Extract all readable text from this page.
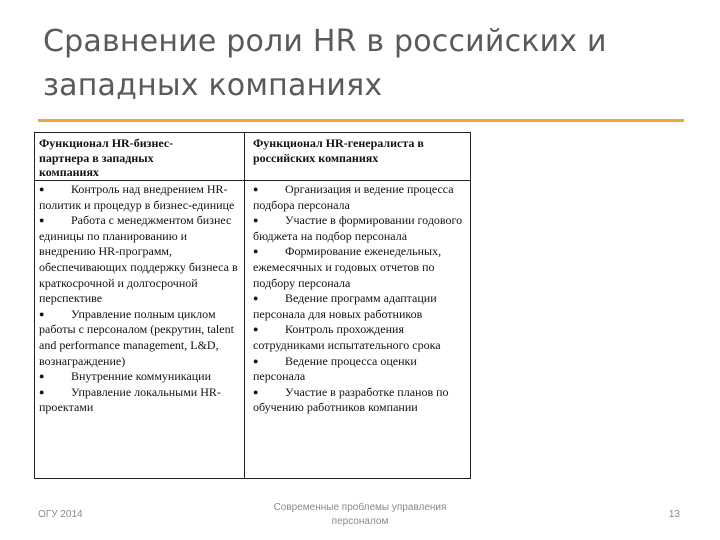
Сравнение роли HR в российских и
западных компаниях
Функционал HR-бизнес-
партнера в западных
компаниях
● Контроль над внедрением HR-политик и процедур в бизнес-единице
● Работа с менеджментом бизнес единицы по планированию и внедрению HR-программ, обеспечивающих поддержку бизнеса в краткосрочной и долгосрочной перспективе
● Управление полным циклом работы с персоналом (рекрутин, talent and performance management, L&D, вознаграждение)
● Внутренние коммуникации
● Управление локальными HR-проектами
Функционал HR-генералиста в
российских компаниях
● Организация и ведение процесса подбора персонала
● Участие в формировании годового бюджета на подбор персонала
● Формирование еженедельных, ежемесячных и годовых отчетов по подбору персонала
● Ведение программ адаптации персонала для новых работников
● Контроль прохождения сотрудниками испытательного срока
● Ведение процесса оценки персонала
● Участие в разработке планов по обучению работников компании
ОГУ 2014
Современные проблемы управления персоналом
13
